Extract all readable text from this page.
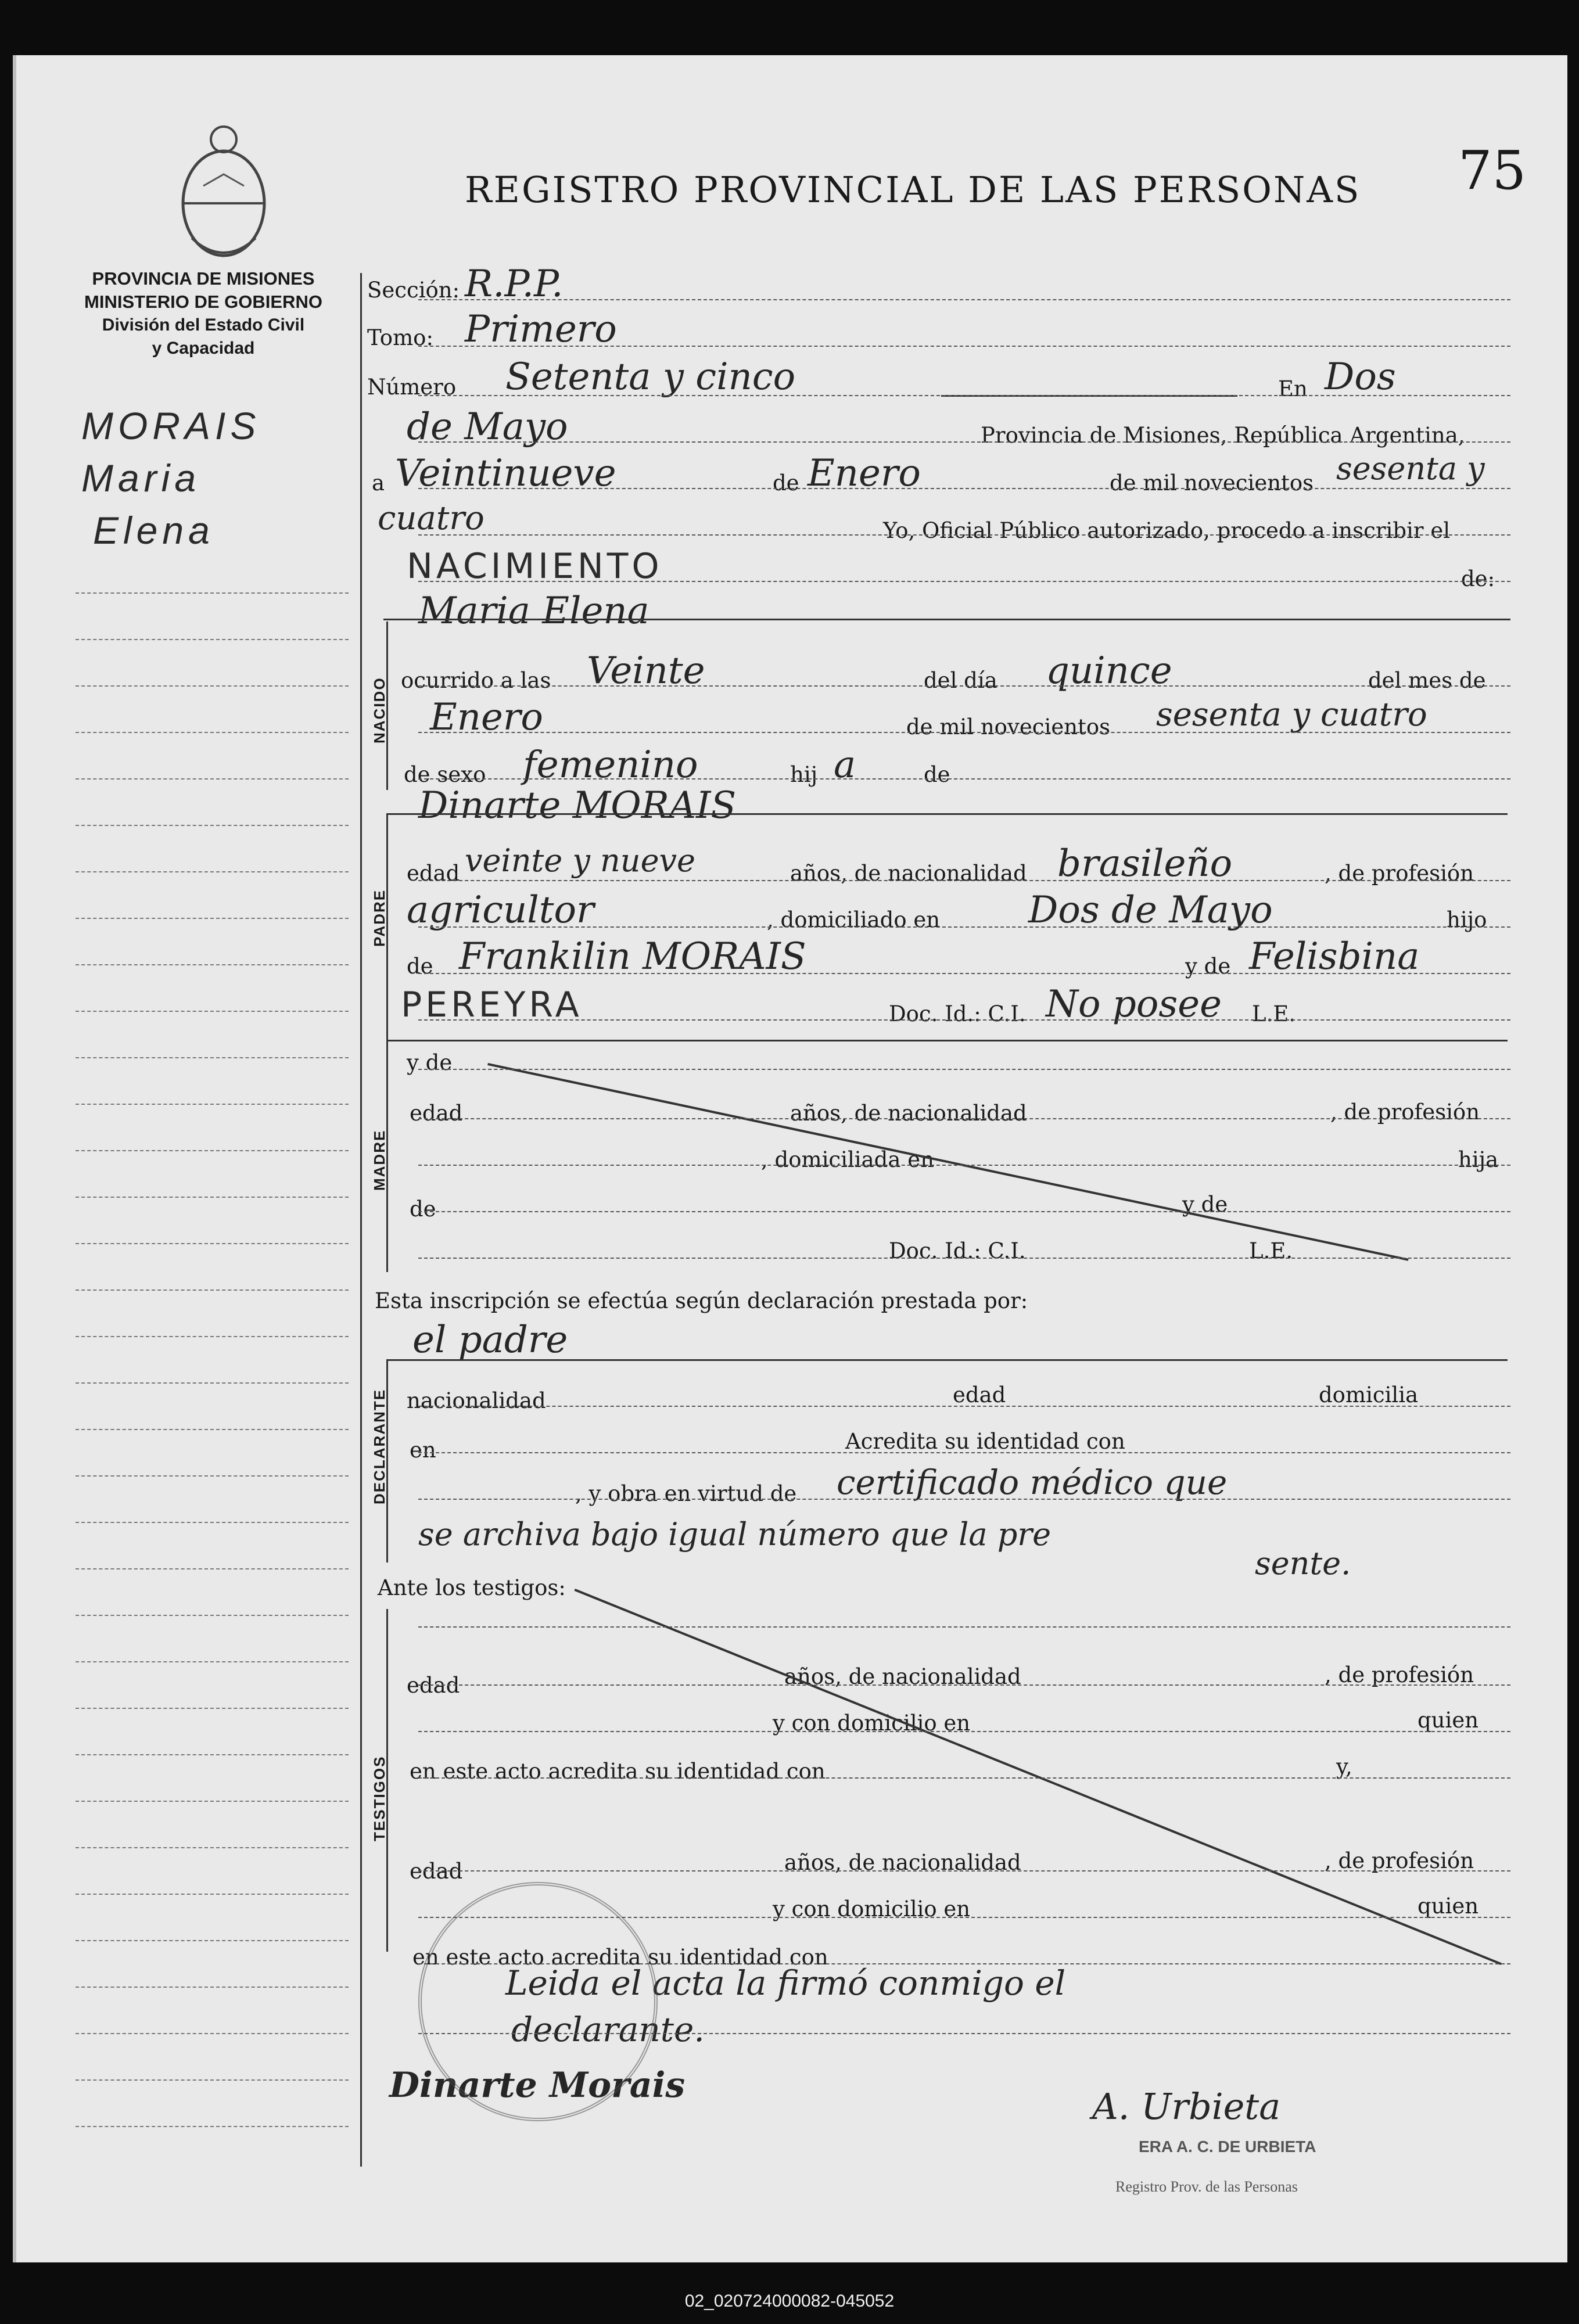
75
REGISTRO PROVINCIAL DE LAS PERSONAS
PROVINCIA DE MISIONES
MINISTERIO DE GOBIERNO
División del Estado Civil
y Capacidad
MORAIS
Maria
Elena
Sección: R.P.P.
Tomo: Primero
Número Setenta y cinco	En Dos
de Mayo	Provincia de Misiones, República Argentina,
a Veintinueve	de Enero	de mil novecientos sesenta y
cuatro	Yo, Oficial Público autorizado, procedo a inscribir el
NACIMIENTO	de:
Maria Elena
NACIDO ocurrido a las Veinte	del día quince	del mes de
Enero	de mil novecientos sesenta y cuatro
de sexo femenino	hij a	de
Dinarte MORAIS
PADRE
edad veinte y nueve	años, de nacionalidad brasileño	, de profesión
agricultor	, domiciliado en Dos de Mayo	hijo
de Frankilin MORAIS	y de Felisbina
PEREYRA	Doc. Id.: C.I. No posee L.E.
MADRE
y de
edad	años, de nacionalidad	, de profesión
, domiciliada en	hija
de	y de
Doc. Id.: C.I.	L.E.
Esta inscripción se efectúa según declaración prestada por:
el padre
DECLARANTE nacionalidad	edad	domicilia
en	Acredita su identidad con
, y obra en virtud de certificado médico que
se archiva bajo igual número que la pre
sente.
Ante los testigos:
TESTIGOS
edad	años, de nacionalidad	, de profesión
y con domicilio en	quien
en este acto acredita su identidad con	y,
edad	años, de nacionalidad	, de profesión
y con domicilio en	quien
en este acto acredita su identidad con
Leida el acta la firmó conmigo el
declarante.
Dinarte Morais	A. Urbieta
ERA A. C. DE URBIETA
Registro Prov. de las Personas
02_020724000082-045052
